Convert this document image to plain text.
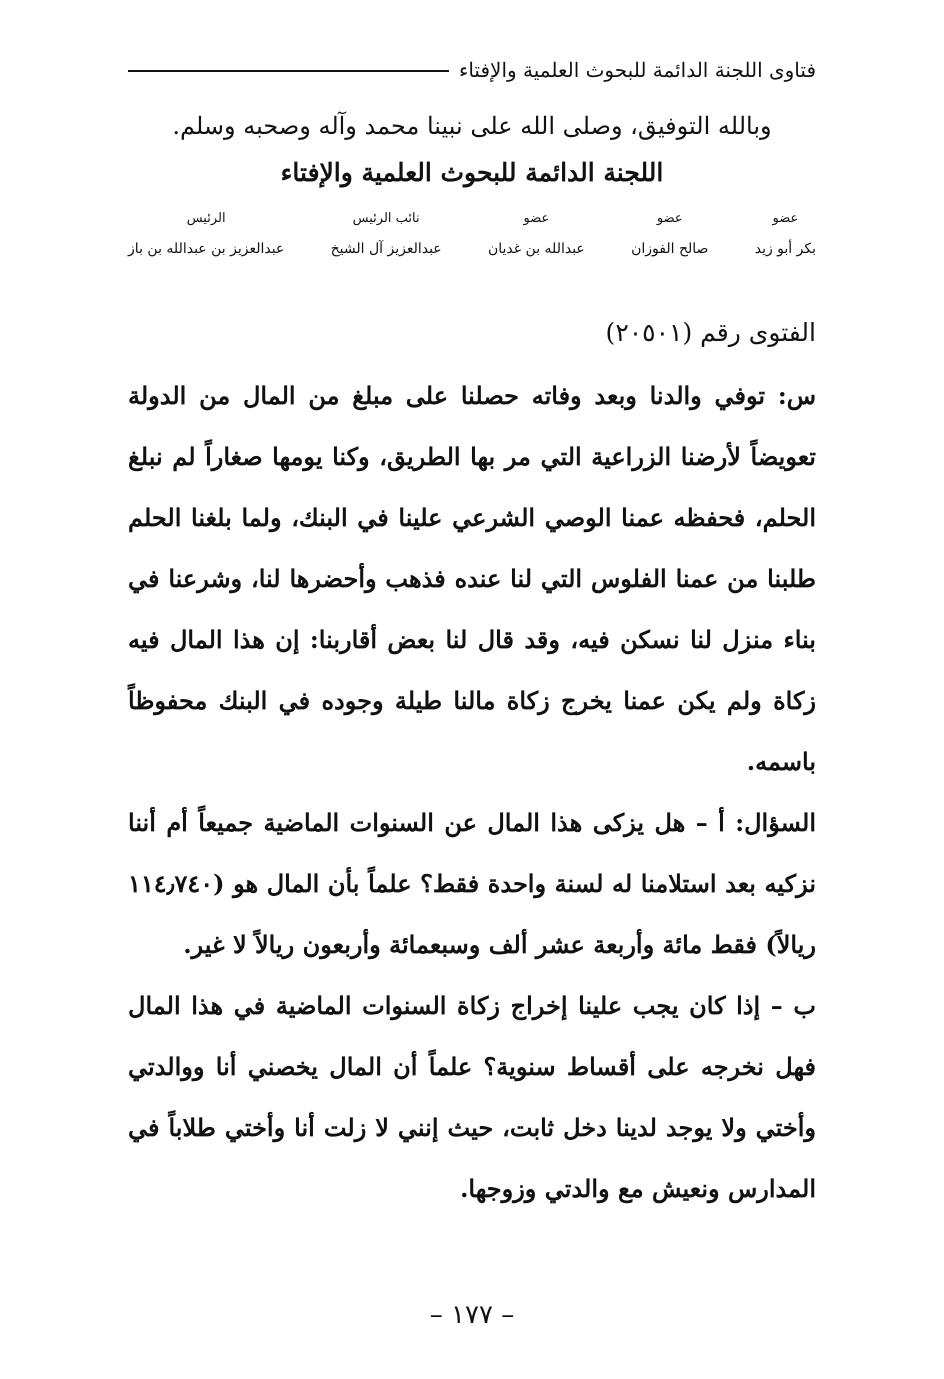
فتاوى اللجنة الدائمة للبحوث العلمية والإفتاء
وبالله التوفيق، وصلى الله على نبينا محمد وآله وصحبه وسلم.
اللجنة الدائمة للبحوث العلمية والإفتاء
عضو
بكر أبو زيد
عضو
صالح الفوزان
عضو
عبدالله بن غديان
نائب الرئيس
عبدالعزيز آل الشيخ
الرئيس
عبدالعزيز بن عبدالله بن باز
الفتوى رقم (٢٠٥٠١)

س: توفي والدنا وبعد وفاته حصلنا على مبلغ من المال من الدولة تعويضاً لأرضنا الزراعية التي مر بها الطريق، وكنا يومها صغاراً لم نبلغ الحلم، فحفظه عمنا الوصي الشرعي علينا في البنك، ولما بلغنا الحلم طلبنا من عمنا الفلوس التي لنا عنده فذهب وأحضرها لنا، وشرعنا في بناء منزل لنا نسكن فيه، وقد قال لنا بعض أقاربنا: إن هذا المال فيه زكاة ولم يكن عمنا يخرج زكاة مالنا طيلة وجوده في البنك محفوظاً باسمه.

السؤال: أ – هل يزكى هذا المال عن السنوات الماضية جميعاً أم أننا نزكيه بعد استلامنا له لسنة واحدة فقط؟ علماً بأن المال هو (١١٤٫٧٤٠ ريالاً) فقط مائة وأربعة عشر ألف وسبعمائة وأربعون ريالاً لا غير.

ب – إذا كان يجب علينا إخراج زكاة السنوات الماضية في هذا المال فهل نخرجه على أقساط سنوية؟ علماً أن المال يخصني أنا ووالدتي وأختي ولا يوجد لدينا دخل ثابت، حيث إنني لا زلت أنا وأختي طلاباً في المدارس ونعيش مع والدتي وزوجها.

– ١٧٧ –
